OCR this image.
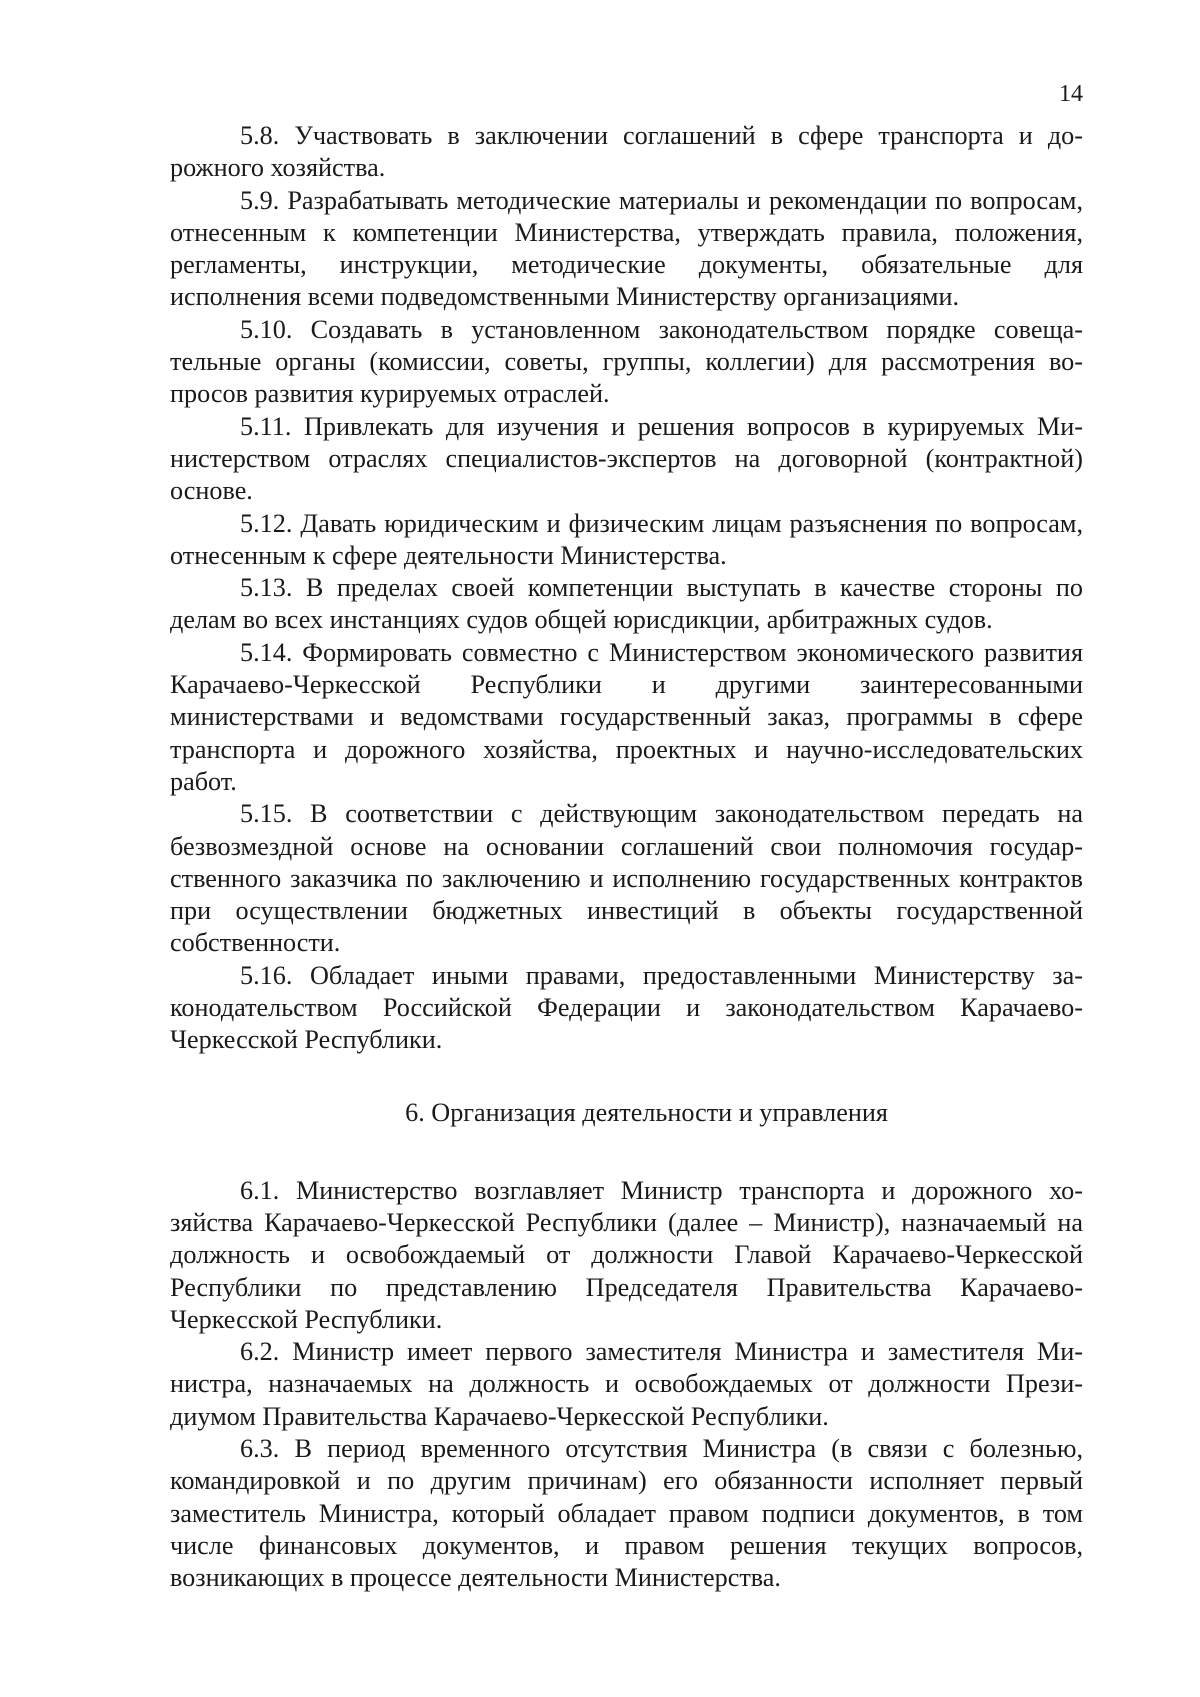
14

5.8. Участвовать в заключении соглашений в сфере транспорта и дорожного хозяйства.

5.9. Разрабатывать методические материалы и рекомендации по вопросам, отнесенным к компетенции Министерства, утверждать правила, положения, регламенты, инструкции, методические документы, обязательные для исполнения всеми подведомственными Министерству организациями.

5.10. Создавать в установленном законодательством порядке совещательные органы (комиссии, советы, группы, коллегии) для рассмотрения вопросов развития курируемых отраслей.

5.11. Привлекать для изучения и решения вопросов в курируемых Министерством отраслях специалистов-экспертов на договорной (контрактной) основе.

5.12. Давать юридическим и физическим лицам разъяснения по вопросам, отнесенным к сфере деятельности Министерства.

5.13. В пределах своей компетенции выступать в качестве стороны по делам во всех инстанциях судов общей юрисдикции, арбитражных судов.

5.14. Формировать совместно с Министерством экономического развития Карачаево-Черкесской Республики и другими заинтересованными министерствами и ведомствами государственный заказ, программы в сфере транспорта и дорожного хозяйства, проектных и научно-исследовательских работ.

5.15. В соответствии с действующим законодательством передать на безвозмездной основе на основании соглашений свои полномочия государственного заказчика по заключению и исполнению государственных контрактов при осуществлении бюджетных инвестиций в объекты государственной собственности.

5.16. Обладает иными правами, предоставленными Министерству законодательством Российской Федерации и законодательством Карачаево-Черкесской Республики.

6. Организация деятельности и управления

6.1. Министерство возглавляет Министр транспорта и дорожного хозяйства Карачаево-Черкесской Республики (далее – Министр), назначаемый на должность и освобождаемый от должности Главой Карачаево-Черкесской Республики по представлению Председателя Правительства Карачаево-Черкесской Республики.

6.2. Министр имеет первого заместителя Министра и заместителя Министра, назначаемых на должность и освобождаемых от должности Президиумом Правительства Карачаево-Черкесской Республики.

6.3. В период временного отсутствия Министра (в связи с болезнью, командировкой и по другим причинам) его обязанности исполняет первый заместитель Министра, который обладает правом подписи документов, в том числе финансовых документов, и правом решения текущих вопросов, возникающих в процессе деятельности Министерства.
